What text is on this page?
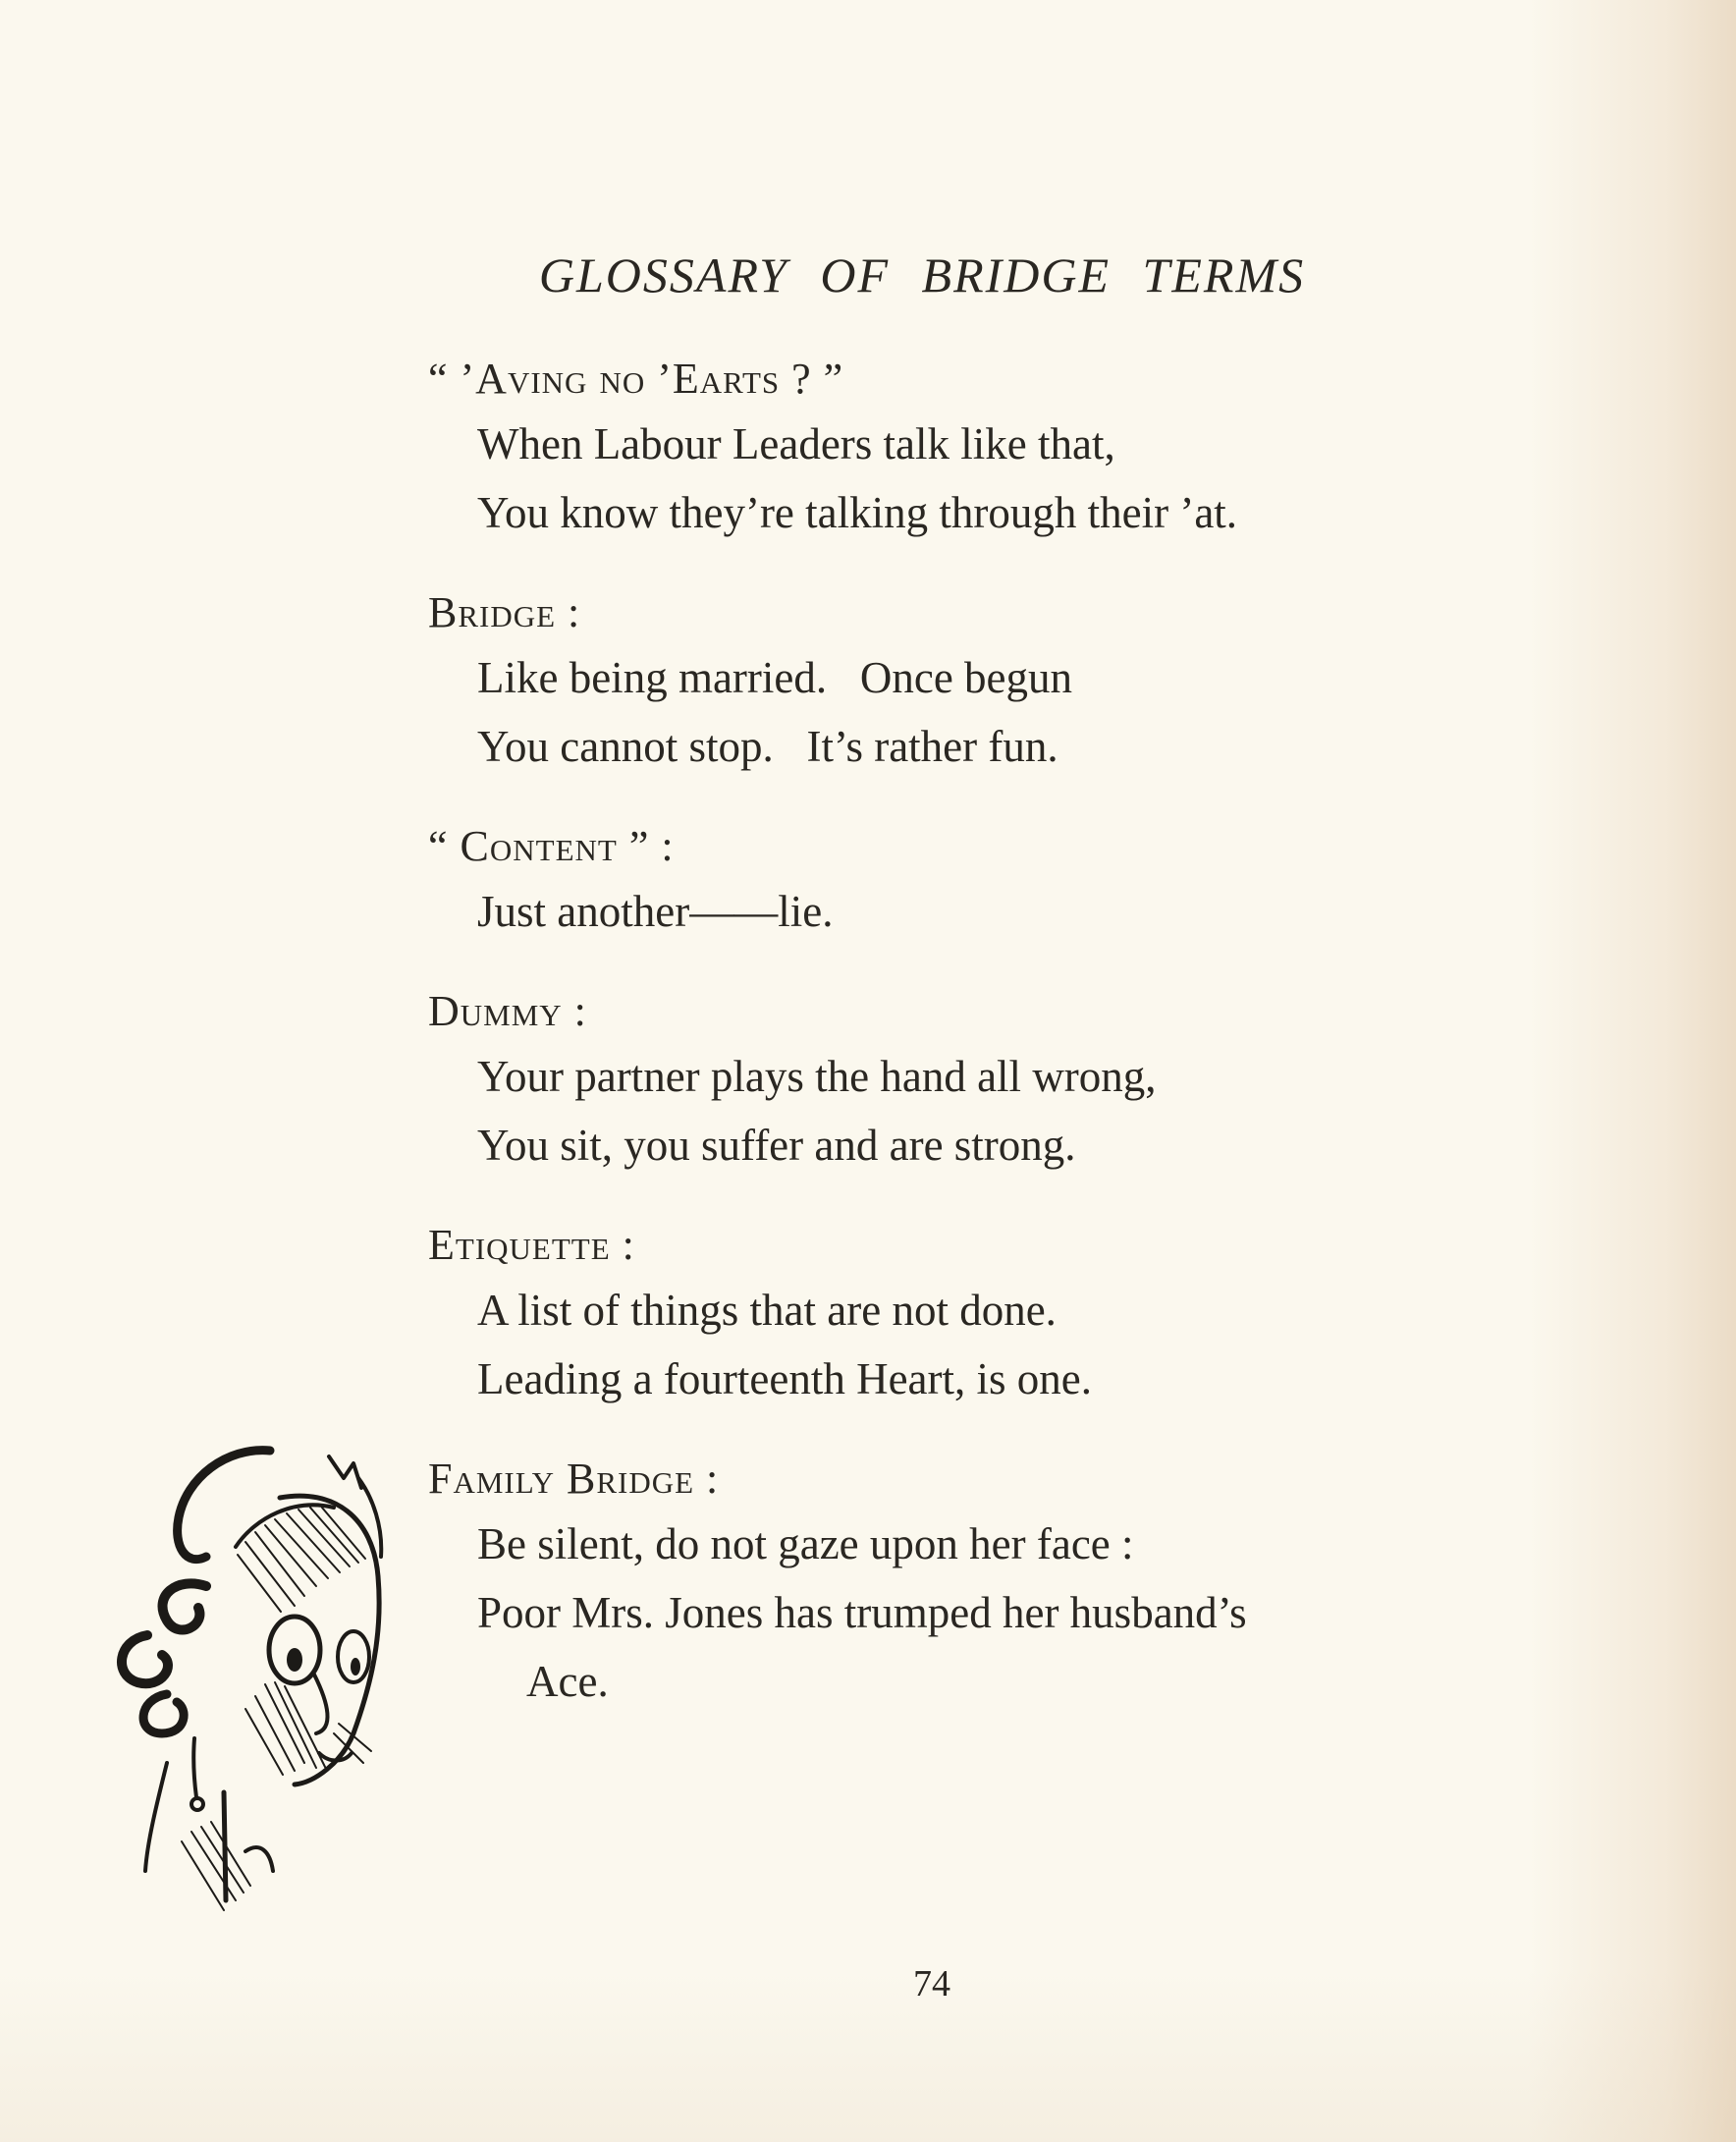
GLOSSARY OF BRIDGE TERMS
“ ’Aving no ’Earts ? ”
When Labour Leaders talk like that,
You know they’re talking through their ’at.
Bridge :
Like being married.   Once begun
You cannot stop.   It’s rather fun.
“ Content ” :
Just another——lie.
Dummy :
Your partner plays the hand all wrong,
You sit, you suffer and are strong.
Etiquette :
A list of things that are not done.
Leading a fourteenth Heart, is one.
Family Bridge :
Be silent, do not gaze upon her face :
Poor Mrs. Jones has trumped her husband’s
Ace.
74
